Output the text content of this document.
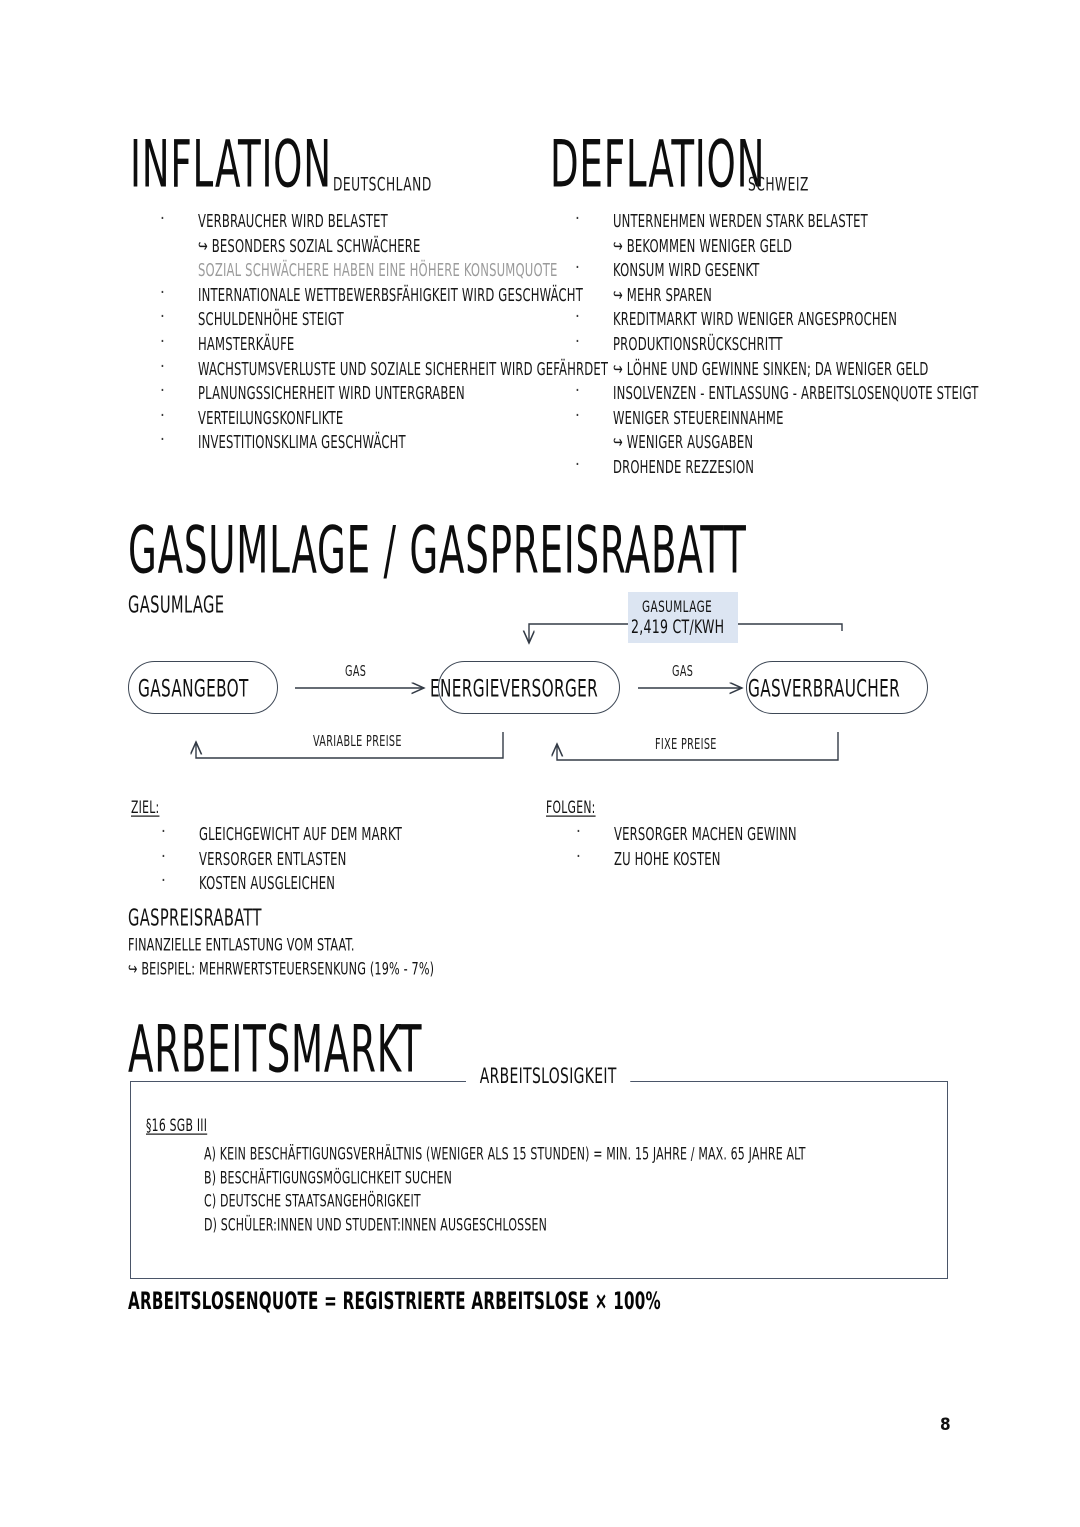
INFLATION DEUTSCHLAND
· VERBRAUCHER WIRD BELASTET
↪ BESONDERS SOZIAL SCHWÄCHERE
SOZIAL SCHWÄCHERE HABEN EINE HÖHERE KONSUMQUOTE
· INTERNATIONALE WETTBEWERBSFÄHIGKEIT WIRD GESCHWÄCHT
· SCHULDENHÖHE STEIGT
· HAMSTERKÄUFE
· WACHSTUMSVERLUSTE UND SOZIALE SICHERHEIT WIRD GEFÄHRDET
· PLANUNGSSICHERHEIT WIRD UNTERGRABEN
· VERTEILUNGSKONFLIKTE
· INVESTITIONSKLIMA GESCHWÄCHT
DEFLATION
SCHWEIZ
· UNTERNEHMEN WERDEN STARK BELASTET
↪ BEKOMMEN WENIGER GELD
· KONSUM WIRD GESENKT
↪ MEHR SPAREN
· KREDITMARKT WIRD WENIGER ANGESPROCHEN
· PRODUKTIONSRÜCKSCHRITT
↪ LÖHNE UND GEWINNE SINKEN; DA WENIGER GELD
· INSOLVENZEN - ENTLASSUNG - ARBEITSLOSENQUOTE STEIGT
· WENIGER STEUEREINNAHME
↪ WENIGER AUSGABEN
· DROHENDE REZZESION
GASUMLAGE / GASPREISRABATT
GASUMLAGE	GASUMLAGE
2,419 CT/KWH
GASANGEBOT	ENERGIEVERSORGER	GASVERBRAUCHER
GAS	GAS
VARIABLE PREISE	FIXE PREISE
ZIEL:
· GLEICHGEWICHT AUF DEM MARKT
· VERSORGER ENTLASTEN
· KOSTEN AUSGLEICHEN
FOLGEN:
· VERSORGER MACHEN GEWINN
· ZU HOHE KOSTEN
GASPREISRABATT
FINANZIELLE ENTLASTUNG VOM STAAT.
↪ BEISPIEL: MEHRWERTSTEUERSENKUNG (19% - 7%)
ARBEITSMARKT	ARBEITSLOSIGKEIT
§16 SGB III
A) KEIN BESCHÄFTIGUNGSVERHÄLTNIS (WENIGER ALS 15 STUNDEN) = MIN. 15 JAHRE / MAX. 65 JAHRE ALT
B) BESCHÄFTIGUNGSMÖGLICHKEIT SUCHEN
C) DEUTSCHE STAATSANGEHÖRIGKEIT
D) SCHÜLER:INNEN UND STUDENT:INNEN AUSGESCHLOSSEN
ARBEITSLOSENQUOTE = REGISTRIERTE ARBEITSLOSE × 100%
8
